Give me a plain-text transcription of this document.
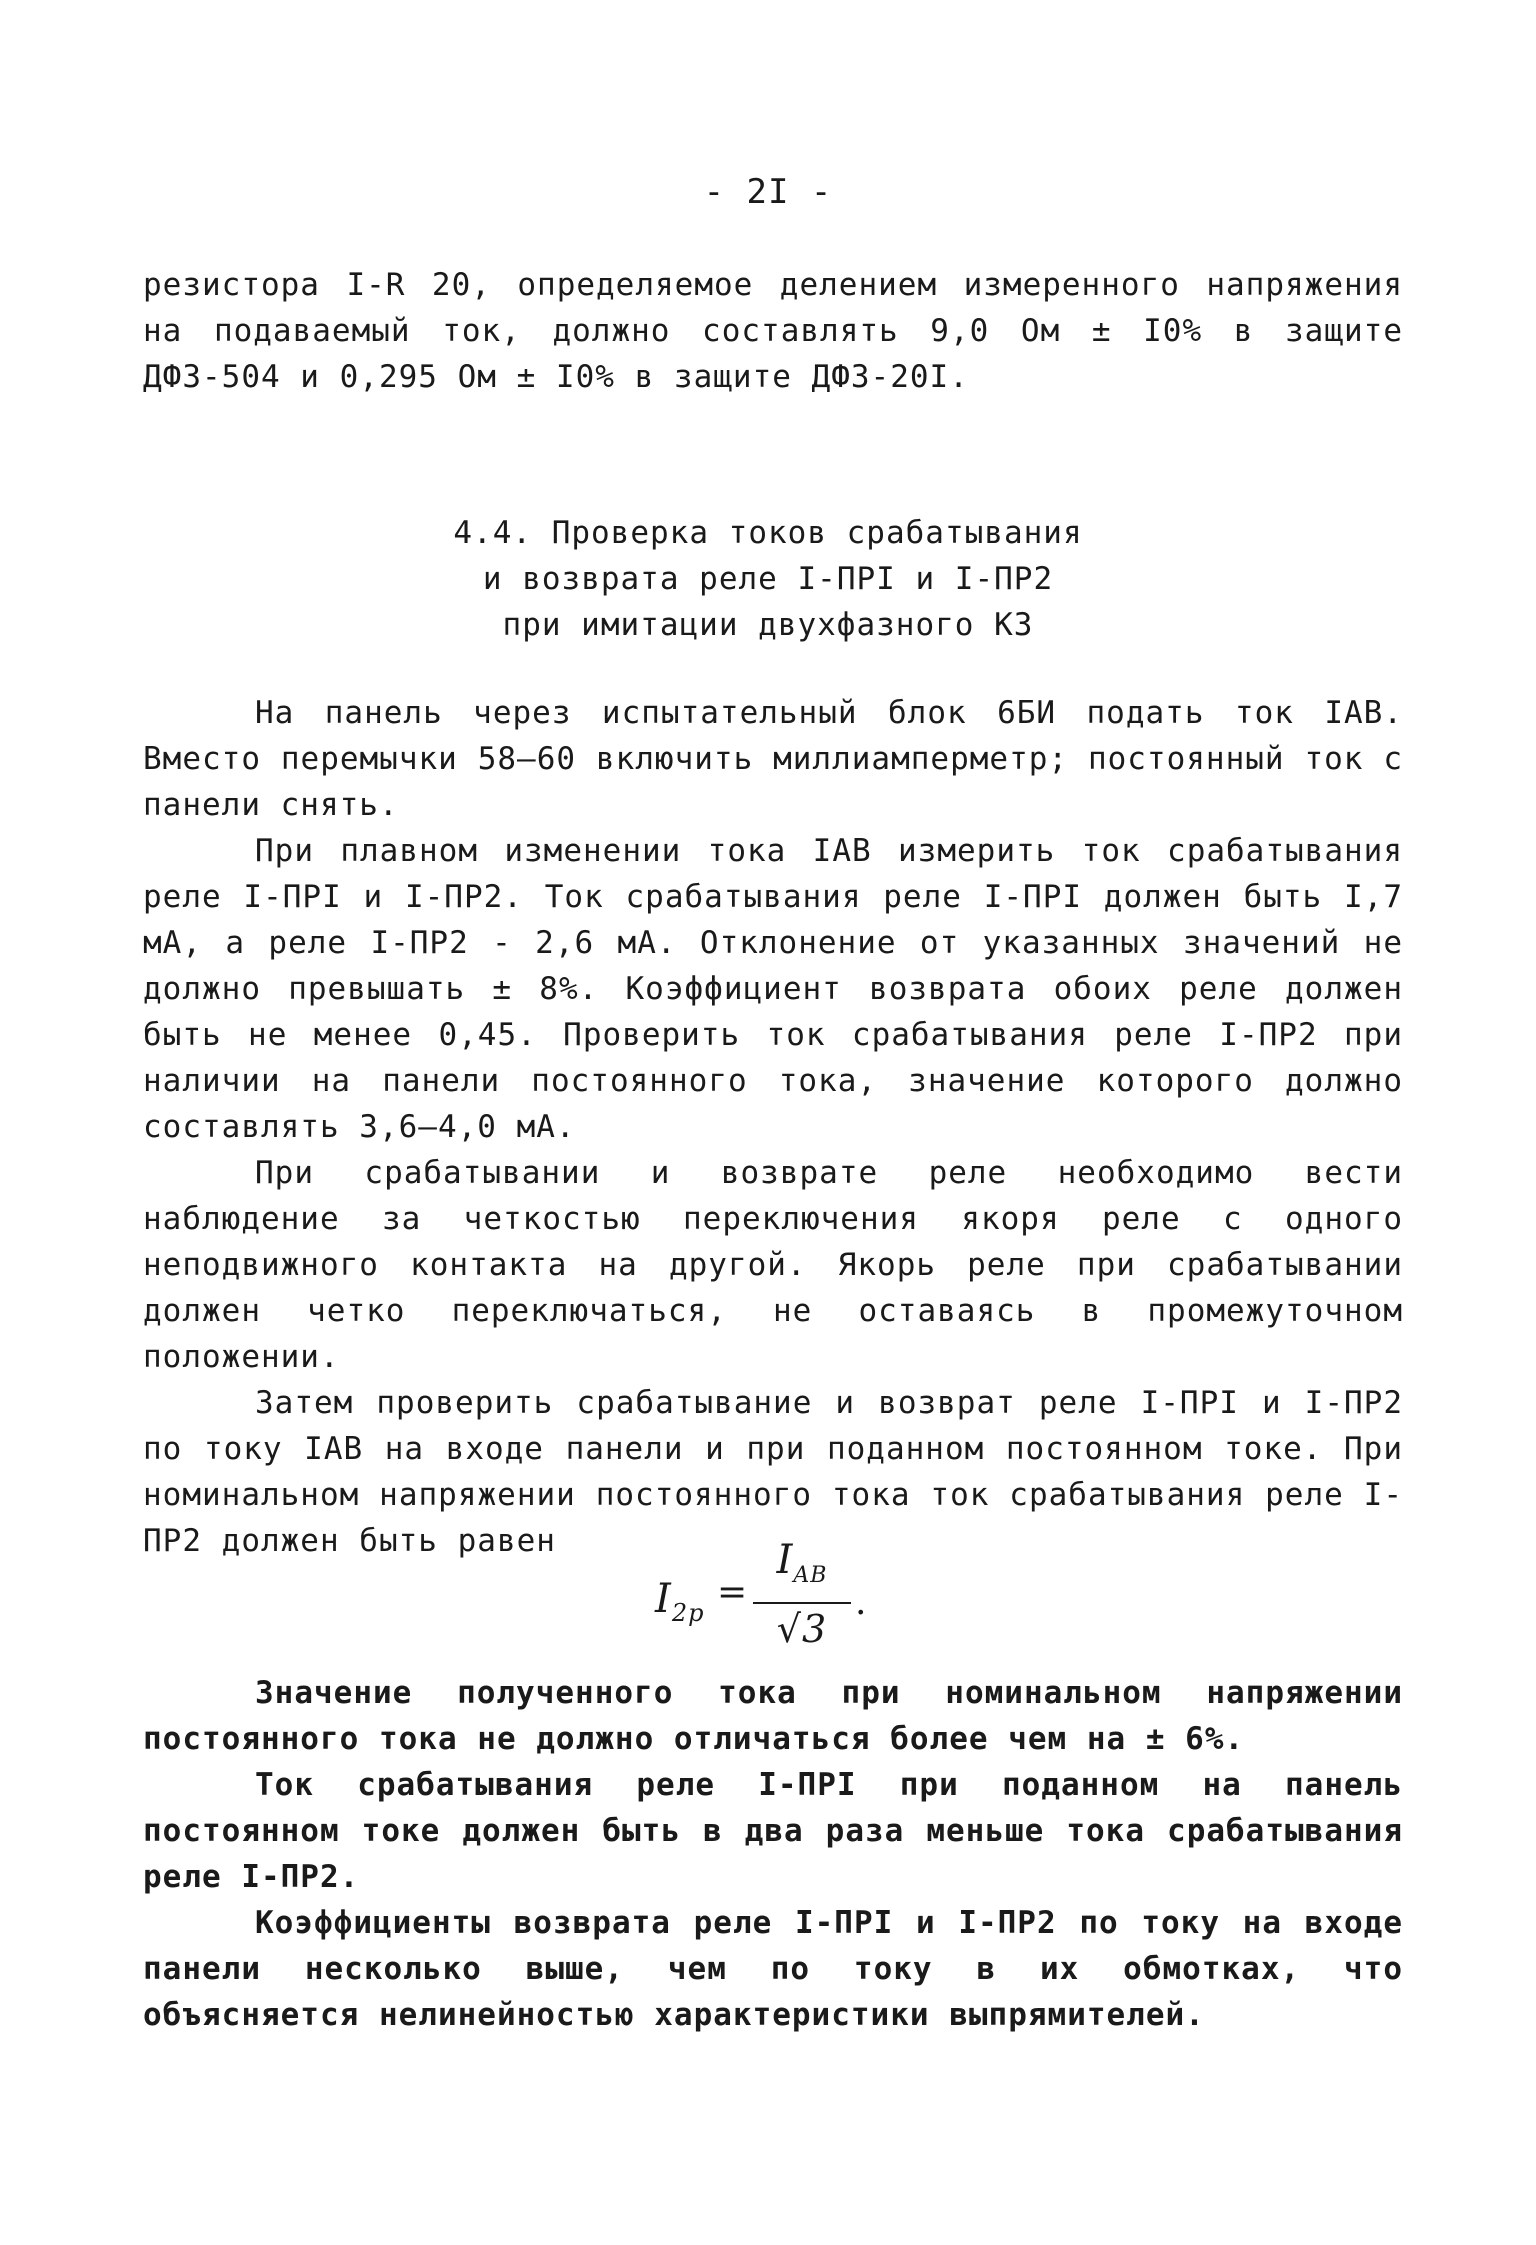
- 2I -

резистора I-R 20, определяемое делением измеренного напряжения на подаваемый ток, должно составлять 9,0 Ом ± I0% в защите ДФЗ-504 и 0,295 Ом ± I0% в защите ДФЗ-20I.

4.4. Проверка токов срабатывания
и возврата реле I-ПРI и I-ПР2
при имитации двухфазного КЗ

На панель через испытательный блок 6БИ подать ток IAB. Вместо перемычки 58–60 включить миллиамперметр; постоянный ток с панели снять.

При плавном изменении тока IAB измерить ток срабатывания реле I-ПРI и I-ПР2. Ток срабатывания реле I-ПРI должен быть I,7 мА, а реле I-ПР2 - 2,6 мА. Отклонение от указанных значений не должно превышать ± 8%. Коэффициент возврата обоих реле должен быть не менее 0,45. Проверить ток срабатывания реле I-ПР2 при наличии на панели постоянного тока, значение которого должно составлять 3,6–4,0 мА.

При срабатывании и возврате реле необходимо вести наблюдение за четкостью переключения якоря реле с одного неподвижного контакта на другой. Якорь реле при срабатывании должен четко переключаться, не оставаясь в промежуточном положении.

Затем проверить срабатывание и возврат реле I-ПРI и I-ПР2 по току IAB на входе панели и при поданном постоянном токе. При номинальном напряжении постоянного тока ток срабатывания реле I-ПР2 должен быть равен

$I_{2p}$ =
$I_{AB}$
√3
.

Значение полученного тока при номинальном напряжении постоянного тока не должно отличаться более чем на ± 6%.

Ток срабатывания реле I-ПРI при поданном на панель постоянном токе должен быть в два раза меньше тока срабатывания реле I-ПР2.

Коэффициенты возврата реле I-ПРI и I-ПР2 по току на входе панели несколько выше, чем по току в их обмотках, что объясняется нелинейностью характеристики выпрямителей.
